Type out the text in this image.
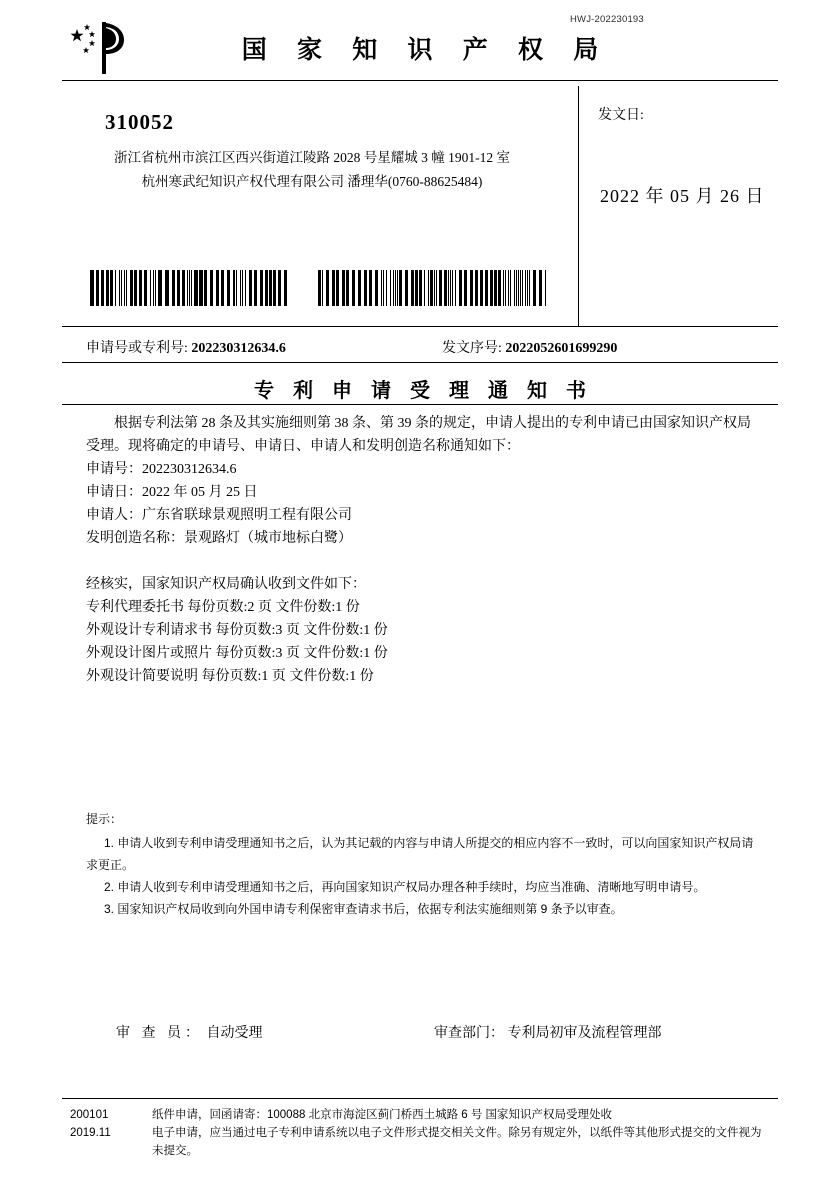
HWJ-202230193
国 家 知 识 产 权 局
310052
浙江省杭州市滨江区西兴街道江陵路 2028 号星耀城 3 幢 1901-12 室
杭州寒武纪知识产权代理有限公司 潘理华(0760-88625484)
发文日:
2022 年 05 月 26 日
申请号或专利号: 202230312634.6	发文序号: 2022052601699290
专 利 申 请 受 理 通 知 书

根据专利法第 28 条及其实施细则第 38 条、第 39 条的规定，申请人提出的专利申请已由国家知识产权局受理。现将确定的申请号、申请日、申请人和发明创造名称通知如下：

申请号：202230312634.6

申请日：2022 年 05 月 25 日

申请人：广东省联球景观照明工程有限公司

发明创造名称：景观路灯（城市地标白鹭）

经核实，国家知识产权局确认收到文件如下：

专利代理委托书 每份页数:2 页 文件份数:1 份

外观设计专利请求书 每份页数:3 页 文件份数:1 份

外观设计图片或照片 每份页数:3 页 文件份数:1 份

外观设计简要说明 每份页数:1 页 文件份数:1 份

提示：

1. 申请人收到专利申请受理通知书之后，认为其记载的内容与申请人所提交的相应内容不一致时，可以向国家知识产权局请求更正。

2. 申请人收到专利申请受理通知书之后，再向国家知识产权局办理各种手续时，均应当准确、清晰地写明申请号。

3. 国家知识产权局收到向外国申请专利保密审查请求书后，依据专利法实施细则第 9 条予以审查。

审 查 员： 自动受理	审查部门： 专利局初审及流程管理部
200101
2019.11
纸件申请，回函请寄：100088 北京市海淀区蓟门桥西土城路 6 号 国家知识产权局受理处收
电子申请，应当通过电子专利申请系统以电子文件形式提交相关文件。除另有规定外，以纸件等其他形式提交的文件视为未提交。
